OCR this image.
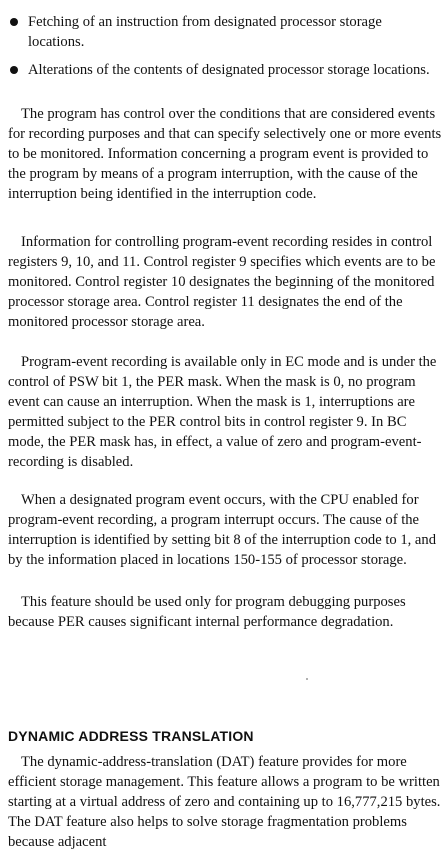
Fetching of an instruction from designated processor storage locations.
Alterations of the contents of designated processor storage locations.

The program has control over the conditions that are considered events for recording purposes and that can specify selectively one or more events to be monitored. Information concerning a program event is provided to the program by means of a program interruption, with the cause of the interruption being identified in the interruption code.

Information for controlling program-event recording resides in control registers 9, 10, and 11. Control register 9 specifies which events are to be monitored. Control register 10 designates the beginning of the monitored processor storage area. Control register 11 designates the end of the monitored processor storage area.

Program-event recording is available only in EC mode and is under the control of PSW bit 1, the PER mask. When the mask is 0, no program event can cause an interruption. When the mask is 1, interruptions are permitted subject to the PER control bits in control register 9. In BC mode, the PER mask has, in effect, a value of zero and program-event-recording is disabled.

When a designated program event occurs, with the CPU enabled for program-event recording, a program interrupt occurs. The cause of the interruption is identified by setting bit 8 of the interruption code to 1, and by the information placed in locations 150-155 of processor storage.

This feature should be used only for program debugging purposes because PER causes significant internal performance degradation.

DYNAMIC ADDRESS TRANSLATION

The dynamic-address-translation (DAT) feature provides for more efficient storage management. This feature allows a program to be written starting at a virtual address of zero and containing up to 16,777,215 bytes. The DAT feature also helps to solve storage fragmentation problems because adjacent
